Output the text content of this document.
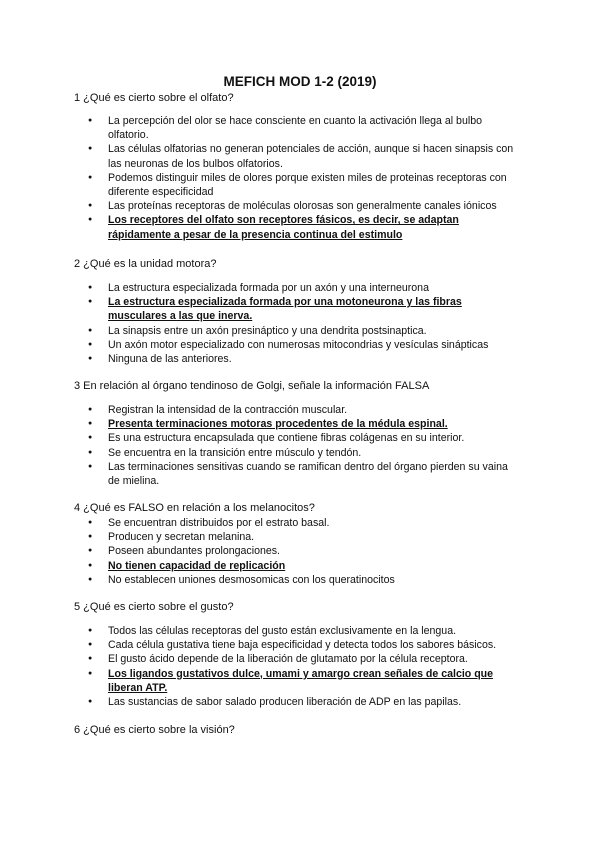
MEFICH MOD 1-2 (2019)
1 ¿Qué es cierto sobre el olfato?
● La percepción del olor se hace consciente en cuanto la activación llega al bulbo olfatorio.
● Las células olfatorias no generan potenciales de acción, aunque si hacen sinapsis con las neuronas de los bulbos olfatorios.
● Podemos distinguir miles de olores porque existen miles de proteinas receptoras con diferente especificidad
● Las proteínas receptoras de moléculas olorosas son generalmente canales iónicos
● Los receptores del olfato son receptores fásicos, es decir, se adaptan rápidamente a pesar de la presencia continua del estimulo
2 ¿Qué es la unidad motora?
● La estructura especializada formada por un axón y una interneurona
● La estructura especializada formada por una motoneurona y las fibras musculares a las que inerva.
● La sinapsis entre un axón presináptico y una dendrita postsinaptica.
● Un axón motor especializado con numerosas mitocondrias y vesículas sinápticas
● Ninguna de las anteriores.
3 En relación al órgano tendinoso de Golgi, señale la información FALSA
● Registran la intensidad de la contracción muscular.
● Presenta terminaciones motoras procedentes de la médula espinal.
● Es una estructura encapsulada que contiene fibras colágenas en su interior.
● Se encuentra en la transición entre músculo y tendón.
● Las terminaciones sensitivas cuando se ramifican dentro del órgano pierden su vaina de mielina.
4 ¿Qué es FALSO en relación a los melanocitos?
● Se encuentran distribuidos por el estrato basal.
● Producen y secretan melanina.
● Poseen abundantes prolongaciones.
● No tienen capacidad de replicación
● No establecen uniones desmosomicas con los queratinocitos
5 ¿Qué es cierto sobre el gusto?
● Todos las células receptoras del gusto están exclusivamente en la lengua.
● Cada célula gustativa tiene baja especificidad y detecta todos los sabores básicos.
● El gusto ácido depende de la liberación de glutamato por la célula receptora.
● Los ligandos gustativos dulce, umami y amargo crean señales de calcio que liberan ATP.
● Las sustancias de sabor salado producen liberación de ADP en las papilas.
6 ¿Qué es cierto sobre la visión?
